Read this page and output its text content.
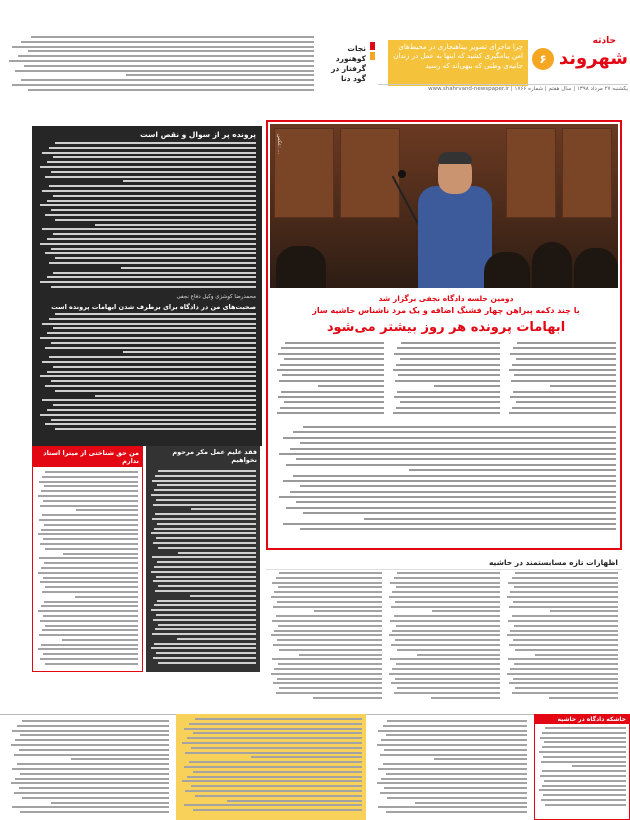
حادثه
شهروند
۶
چرا ماجرای تصویر بیناهنجاری در محیط‌های امن پیامگیری کشید که اینها به عمل در زندان جانیه‌ی وطنی که بیهی‌اند که رسید
یکشنبه ۲۷ مرداد ۱۳۹۸ | سال هفتم | شماره ۱۷۶۶ | www.shahrvand-newspaper.ir
نجات
کوهنورد گرفتار در گود دنا
پرونده پر از سوال و نقص است
محمدرضا کوشزی وکیل دفاع نجفی
صحبت‌های من در دادگاه برای برطرف شدن ابهامات پرونده است
عکس: ...
دومین جلسه دادگاه نجفی برگزار شد
با چند دکمه پیراهن چهار فشنگ اضافه و یک مرد ناشناس حاشیه ساز
ابهامات پرونده هر روز بیشتر می‌شود
من حق شناختی از میترا استاد ندارم
فقد علیم عمل مکر مرحوم نخواهیم
اظهارات تازه مسابستمند در حاشیه
خاشکه دادگاه در حاشیه
